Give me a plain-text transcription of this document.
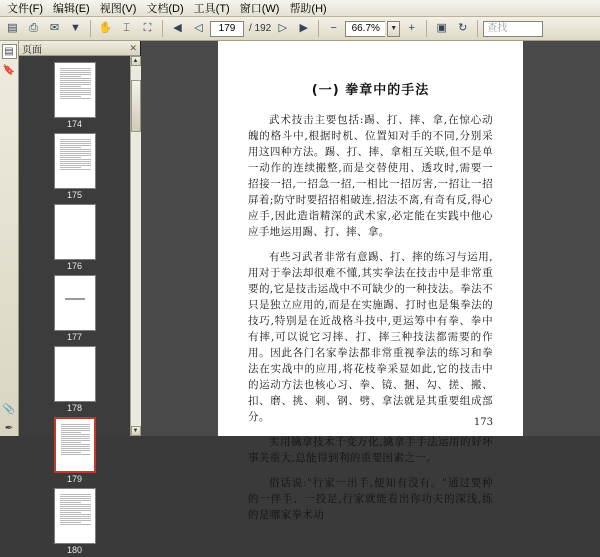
文件(F) 编辑(E) 视图(V) 文档(D) 工具(T) 窗口(W) 帮助(H)
▤	⎙	✉ ▼	✋ ⌶	⛶	◀	◁	179	/ 192 ▷	▶	−	66.7%	▼	+	▣	↻	查找
▤
🔖
📎
✒
页面	✕
174
175
176
177
178
179
180
▲
▼
(一) 拳章中的手法

武术技击主要包括:踢、打、摔、拿,在惊心动魄的格斗中,根据时机、位置知对手的不同,分别采用这四种方法。踢、打、摔、拿相互关联,但不是单一动作的连续搬整,而是交替使用、透攻时,需要一招接一招,一招急一招,一相比一招厉害,一招让一招屏着;防守时要招招相破连,招法不离,有奇有反,得心应手,因此造诣精深的武术家,必定能在实践中他心应手地运用踢、打、摔、拿。

有些习武者非常有意踢、打、摔的练习与运用,用对于拳法却很难不懂,其实拳法在技击中是非常重要的,它是技击运战中不可缺少的一种技法。拳法不只是独立应用的,而是在实施踢、打时也是集拳法的技巧,特别是在近战格斗技中,更运筹中有拳、拳中有摔,可以说它习摔、打、摔三种技法都需要的作用。因此各门名家拳法都非常重视拳法的练习和拳法在实战中的应用,将花枝拳采显如此,它的技击中的运动方法也核心习、拳、镜、捆、勾、搓、搬、扣、磨、挑、刺、钢、劈、拿法就是其重要组成部分。

实用擒拿技术千变万化,擒拿手手法运用的好坏事关重大,总能得到利的重要因素之一。

俗话说:"行家一出手,便知有没有。"通过要种的一伴手、一投足,行家就能看出你功夫的深浅,练的是哪家拳术功

173
